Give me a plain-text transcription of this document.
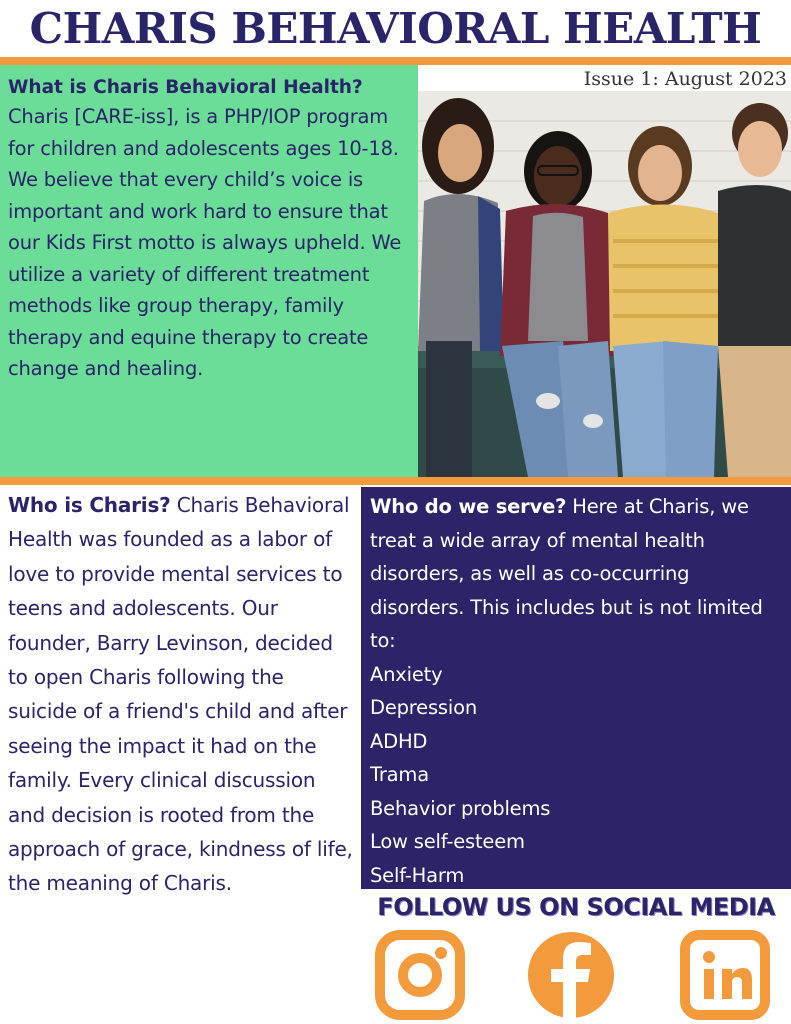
CHARIS BEHAVIORAL HEALTH
What is Charis Behavioral Health?
Charis [CARE-iss], is a PHP/IOP program for children and adolescents ages 10-18. We believe that every child’s voice is important and work hard to ensure that our Kids First motto is always upheld. We utilize a variety of different treatment methods like group therapy, family therapy and equine therapy to create change and healing.
Issue 1: August 2023
Who is Charis? Charis Behavioral Health was founded as a labor of love to provide mental services to teens and adolescents. Our founder, Barry Levinson, decided to open Charis following the suicide of a friend's child and after seeing the impact it had on the family. Every clinical discussion and decision is rooted from the approach of grace, kindness of life, the meaning of Charis.
Who do we serve? Here at Charis, we treat a wide array of mental health disorders, as well as co-occurring disorders. This includes but is not limited to:
Anxiety
Depression
ADHD
Trama
Behavior problems
Low self-esteem
Self-Harm
FOLLOW US ON SOCIAL MEDIA
